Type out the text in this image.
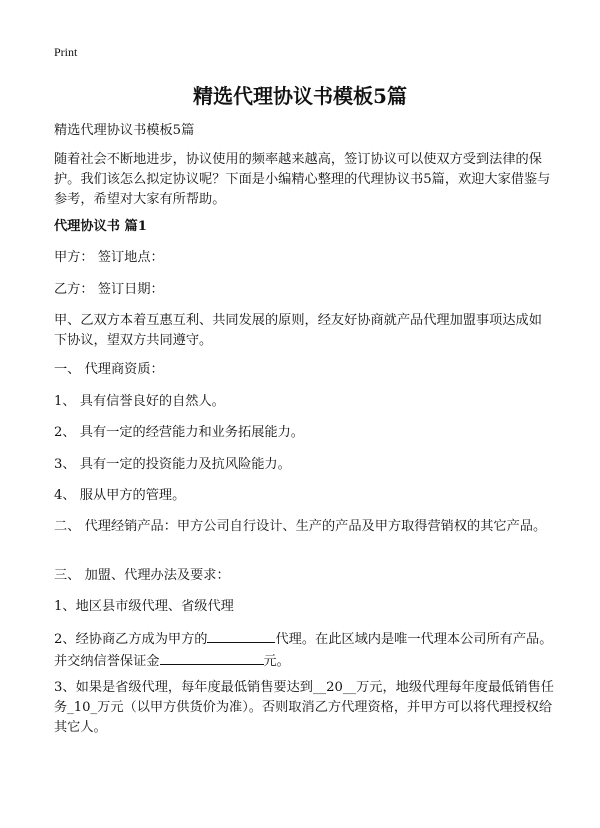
Print
精选代理协议书模板5篇

精选代理协议书模板5篇

随着社会不断地进步，协议使用的频率越来越高，签订协议可以使双方受到法律的保护。我们该怎么拟定协议呢？下面是小编精心整理的代理协议书5篇，欢迎大家借鉴与参考，希望对大家有所帮助。

代理协议书 篇1

甲方： 签订地点：

乙方： 签订日期：

甲、乙双方本着互惠互利、共同发展的原则，经友好协商就产品代理加盟事项达成如下协议，望双方共同遵守。

一、 代理商资质：

1、 具有信誉良好的自然人。

2、 具有一定的经营能力和业务拓展能力。

3、 具有一定的投资能力及抗风险能力。

4、 服从甲方的管理。

二、 代理经销产品：甲方公司自行设计、生产的产品及甲方取得营销权的其它产品。

三、 加盟、代理办法及要求：

1、地区县市级代理、省级代理

2、经协商乙方成为甲方的	代理。在此区域内是唯一代理本公司所有产品。并交纳信誉保证金	元。

3、如果是省级代理，每年度最低销售要达到__20__万元，地级代理每年度最低销售任务_10_万元（以甲方供货价为准）。否则取消乙方代理资格，并甲方可以将代理授权给其它人。
